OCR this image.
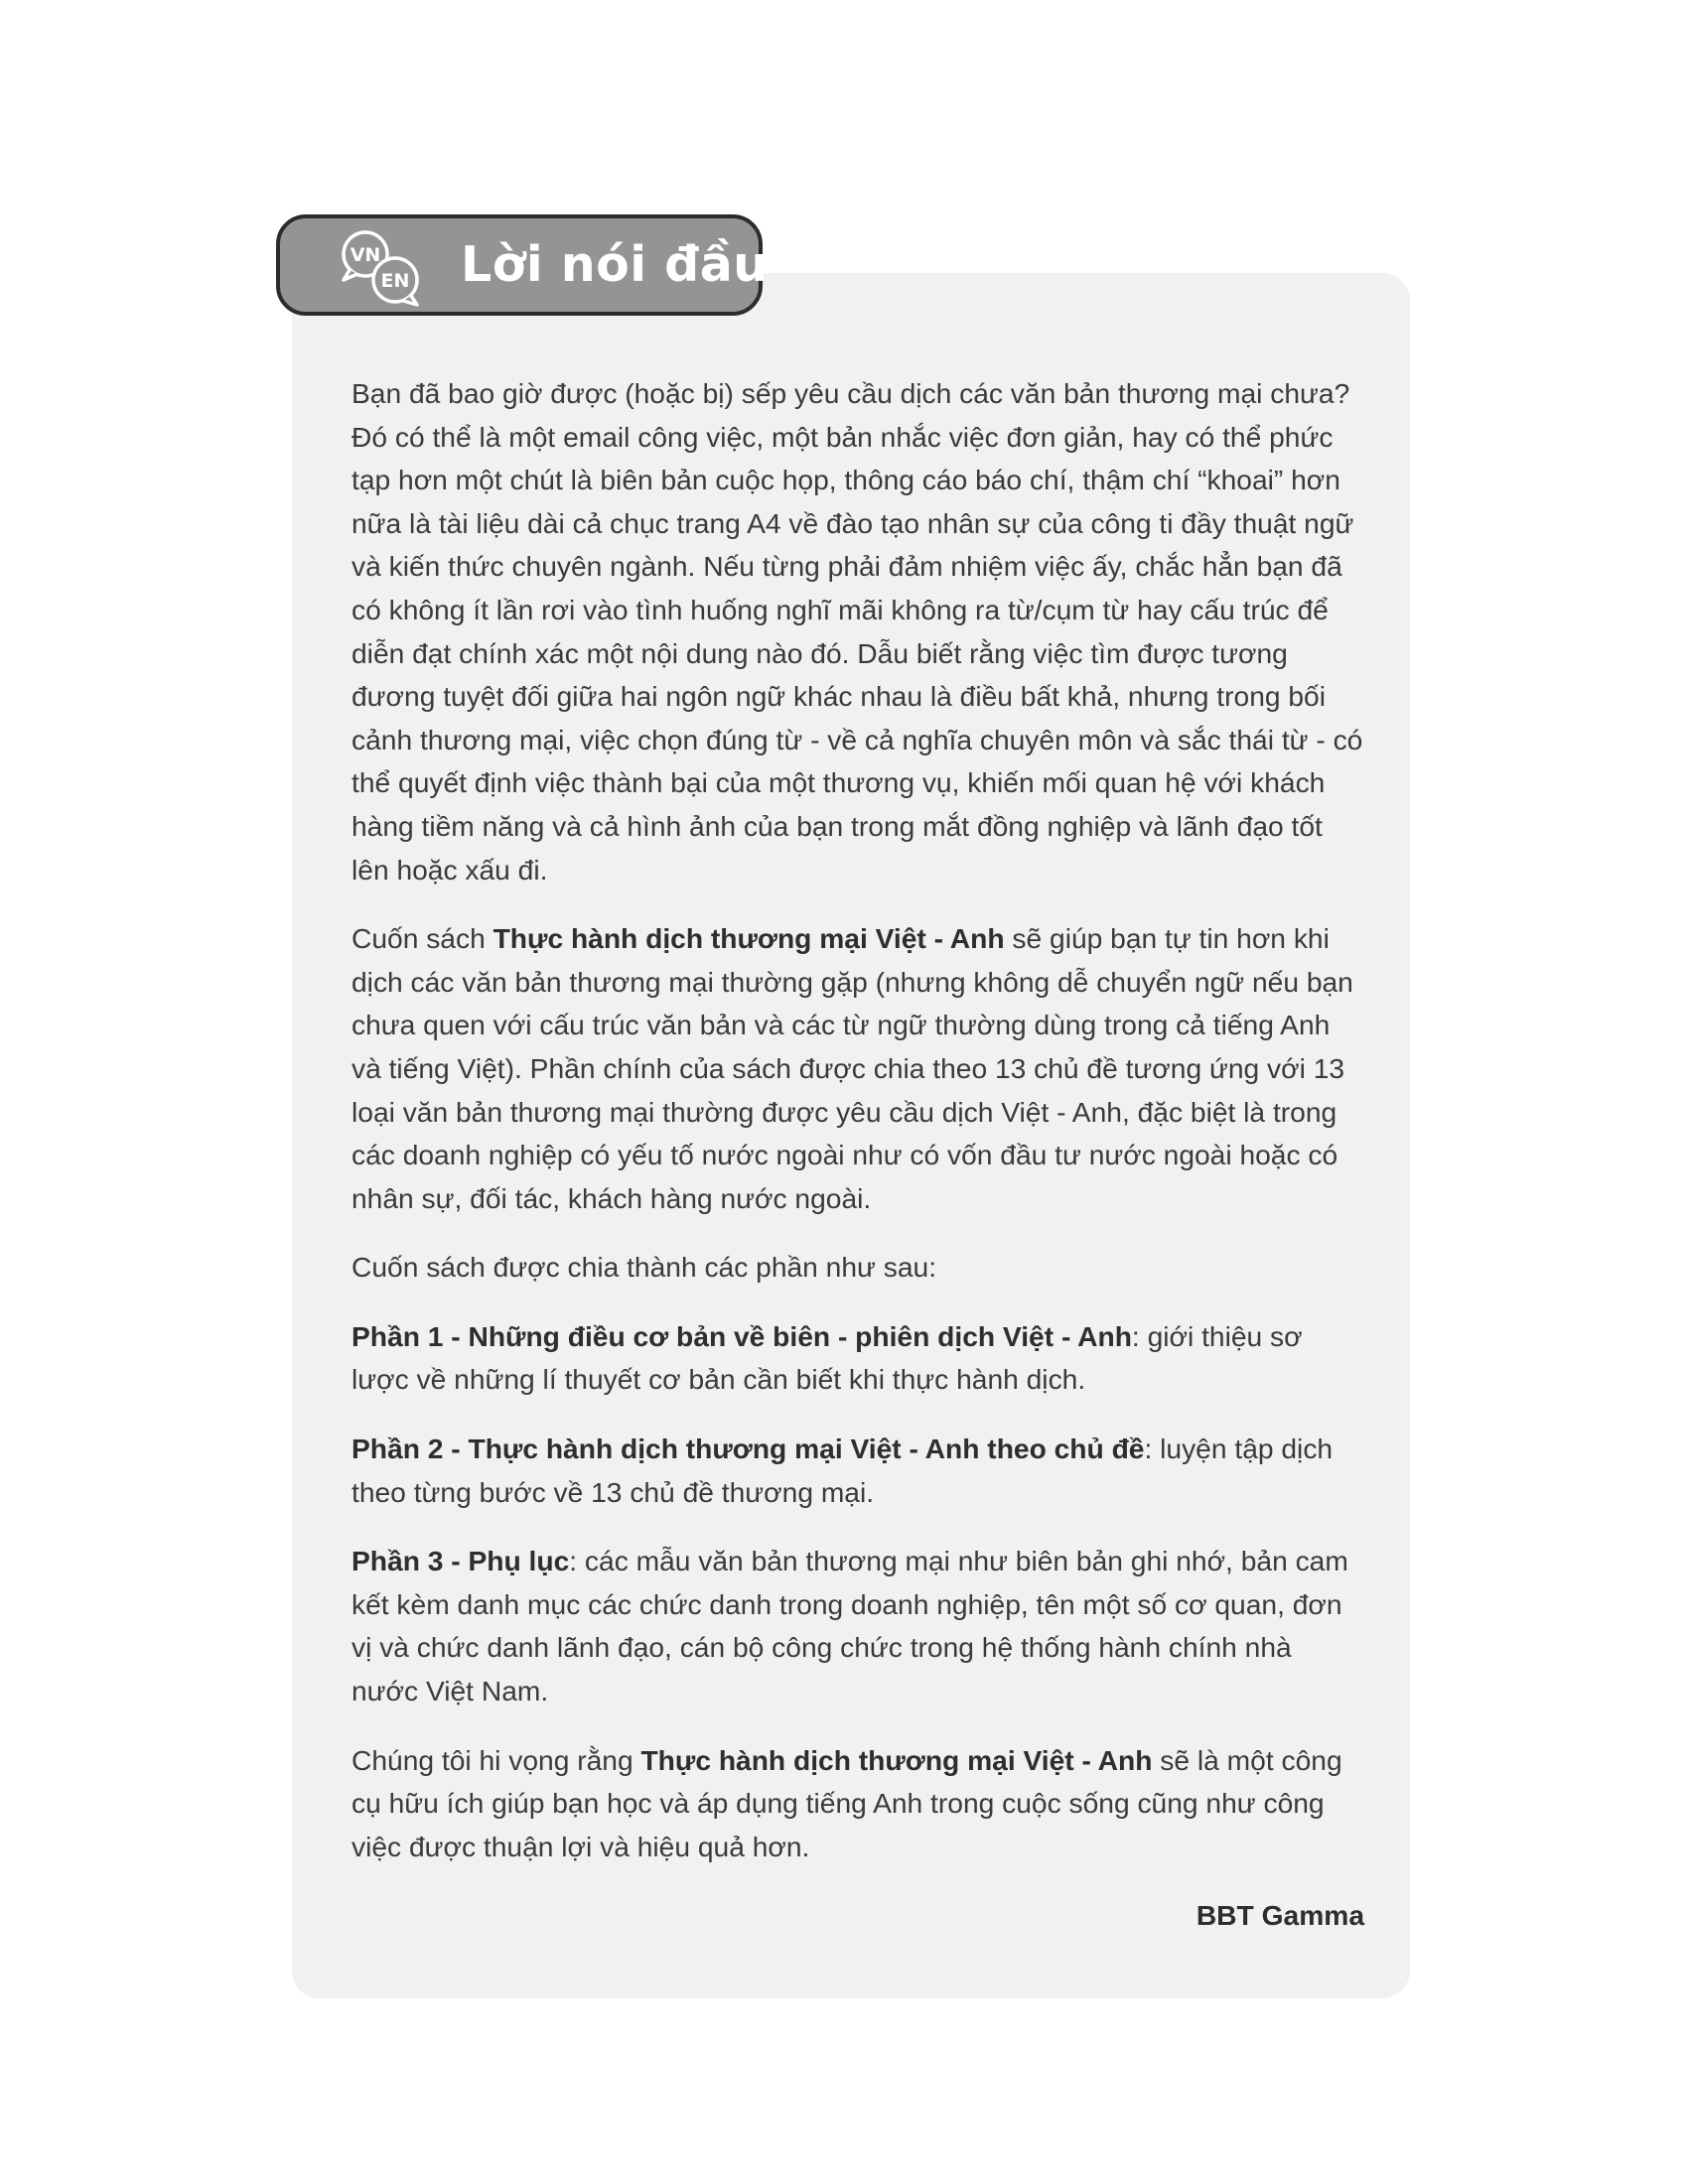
VN
EN Lời nói đầu

Bạn đã bao giờ được (hoặc bị) sếp yêu cầu dịch các văn bản thương mại chưa? Đó có thể là một email công việc, một bản nhắc việc đơn giản, hay có thể phức tạp hơn một chút là biên bản cuộc họp, thông cáo báo chí, thậm chí “khoai” hơn nữa là tài liệu dài cả chục trang A4 về đào tạo nhân sự của công ti đầy thuật ngữ và kiến thức chuyên ngành. Nếu từng phải đảm nhiệm việc ấy, chắc hẳn bạn đã có không ít lần rơi vào tình huống nghĩ mãi không ra từ/cụm từ hay cấu trúc để diễn đạt chính xác một nội dung nào đó. Dẫu biết rằng việc tìm được tương đương tuyệt đối giữa hai ngôn ngữ khác nhau là điều bất khả, nhưng trong bối cảnh thương mại, việc chọn đúng từ - về cả nghĩa chuyên môn và sắc thái từ - có thể quyết định việc thành bại của một thương vụ, khiến mối quan hệ với khách hàng tiềm năng và cả hình ảnh của bạn trong mắt đồng nghiệp và lãnh đạo tốt lên hoặc xấu đi.

Cuốn sách Thực hành dịch thương mại Việt - Anh sẽ giúp bạn tự tin hơn khi dịch các văn bản thương mại thường gặp (nhưng không dễ chuyển ngữ nếu bạn chưa quen với cấu trúc văn bản và các từ ngữ thường dùng trong cả tiếng Anh và tiếng Việt). Phần chính của sách được chia theo 13 chủ đề tương ứng với 13 loại văn bản thương mại thường được yêu cầu dịch Việt - Anh, đặc biệt là trong các doanh nghiệp có yếu tố nước ngoài như có vốn đầu tư nước ngoài hoặc có nhân sự, đối tác, khách hàng nước ngoài.

Cuốn sách được chia thành các phần như sau:

Phần 1 - Những điều cơ bản về biên - phiên dịch Việt - Anh: giới thiệu sơ lược về những lí thuyết cơ bản cần biết khi thực hành dịch.

Phần 2 - Thực hành dịch thương mại Việt - Anh theo chủ đề: luyện tập dịch theo từng bước về 13 chủ đề thương mại.

Phần 3 - Phụ lục: các mẫu văn bản thương mại như biên bản ghi nhớ, bản cam kết kèm danh mục các chức danh trong doanh nghiệp, tên một số cơ quan, đơn vị và chức danh lãnh đạo, cán bộ công chức trong hệ thống hành chính nhà nước Việt Nam.

Chúng tôi hi vọng rằng Thực hành dịch thương mại Việt - Anh sẽ là một công cụ hữu ích giúp bạn học và áp dụng tiếng Anh trong cuộc sống cũng như công việc được thuận lợi và hiệu quả hơn.

BBT Gamma
